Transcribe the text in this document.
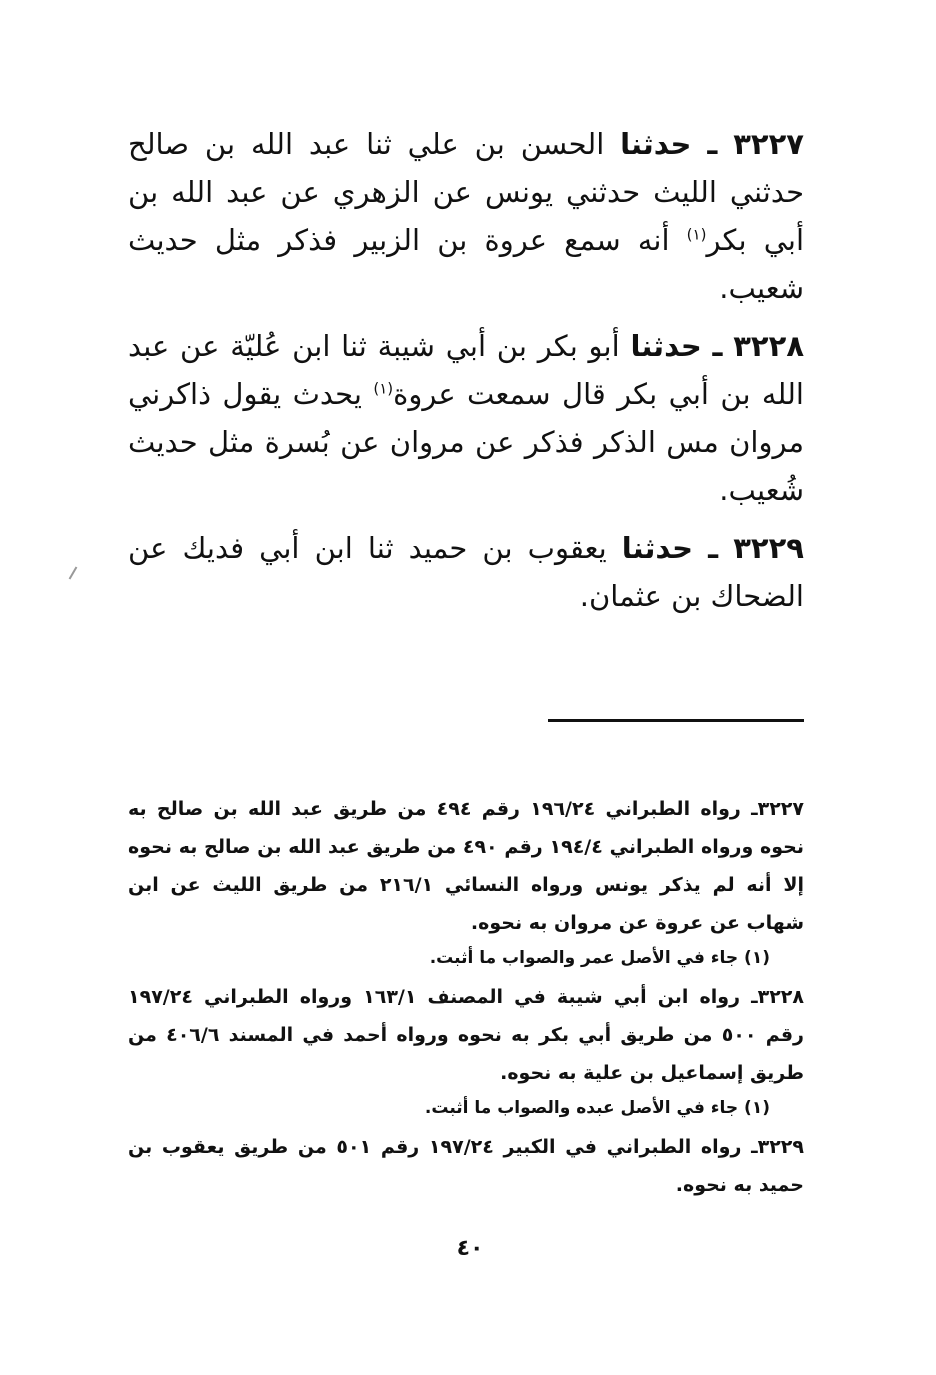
٣٢٢٧ ـ حدثنا الحسن بن علي ثنا عبد الله بن صالح حدثني الليث حدثني يونس عن الزهري عن عبد الله بن أبي بكر$^{(١)}$ أنه سمع عروة بن الزبير فذكر مثل حديث شعيب.

٣٢٢٨ ـ حدثنا أبو بكر بن أبي شيبة ثنا ابن عُليّة عن عبد الله بن أبي بكر قال سمعت عروة$^{(١)}$ يحدث يقول ذاكرني مروان مس الذكر فذكر عن مروان عن بُسرة مثل حديث شُعيب.

٣٢٢٩ ـ حدثنا يعقوب بن حميد ثنا ابن أبي فديك عن الضحاك بن عثمان.

٣٢٢٧ـ رواه الطبراني ١٩٦/٢٤ رقم ٤٩٤ من طريق عبد الله بن صالح به نحوه ورواه الطبراني ١٩٤/٤ رقم ٤٩٠ من طريق عبد الله بن صالح به نحوه إلا أنه لم يذكر يونس ورواه النسائي ٢١٦/١ من طريق الليث عن ابن شهاب عن عروة عن مروان به نحوه.

(١) جاء في الأصل عمر والصواب ما أثبت.

٣٢٢٨ـ رواه ابن أبي شيبة في المصنف ١٦٣/١ ورواه الطبراني ١٩٧/٢٤ رقم ٥٠٠ من طريق أبي بكر به نحوه ورواه أحمد في المسند ٤٠٦/٦ من طريق إسماعيل بن علية به نحوه.

(١) جاء في الأصل عبده والصواب ما أثبت.

٣٢٢٩ـ رواه الطبراني في الكبير ١٩٧/٢٤ رقم ٥٠١ من طريق يعقوب بن حميد به نحوه.

٤٠
